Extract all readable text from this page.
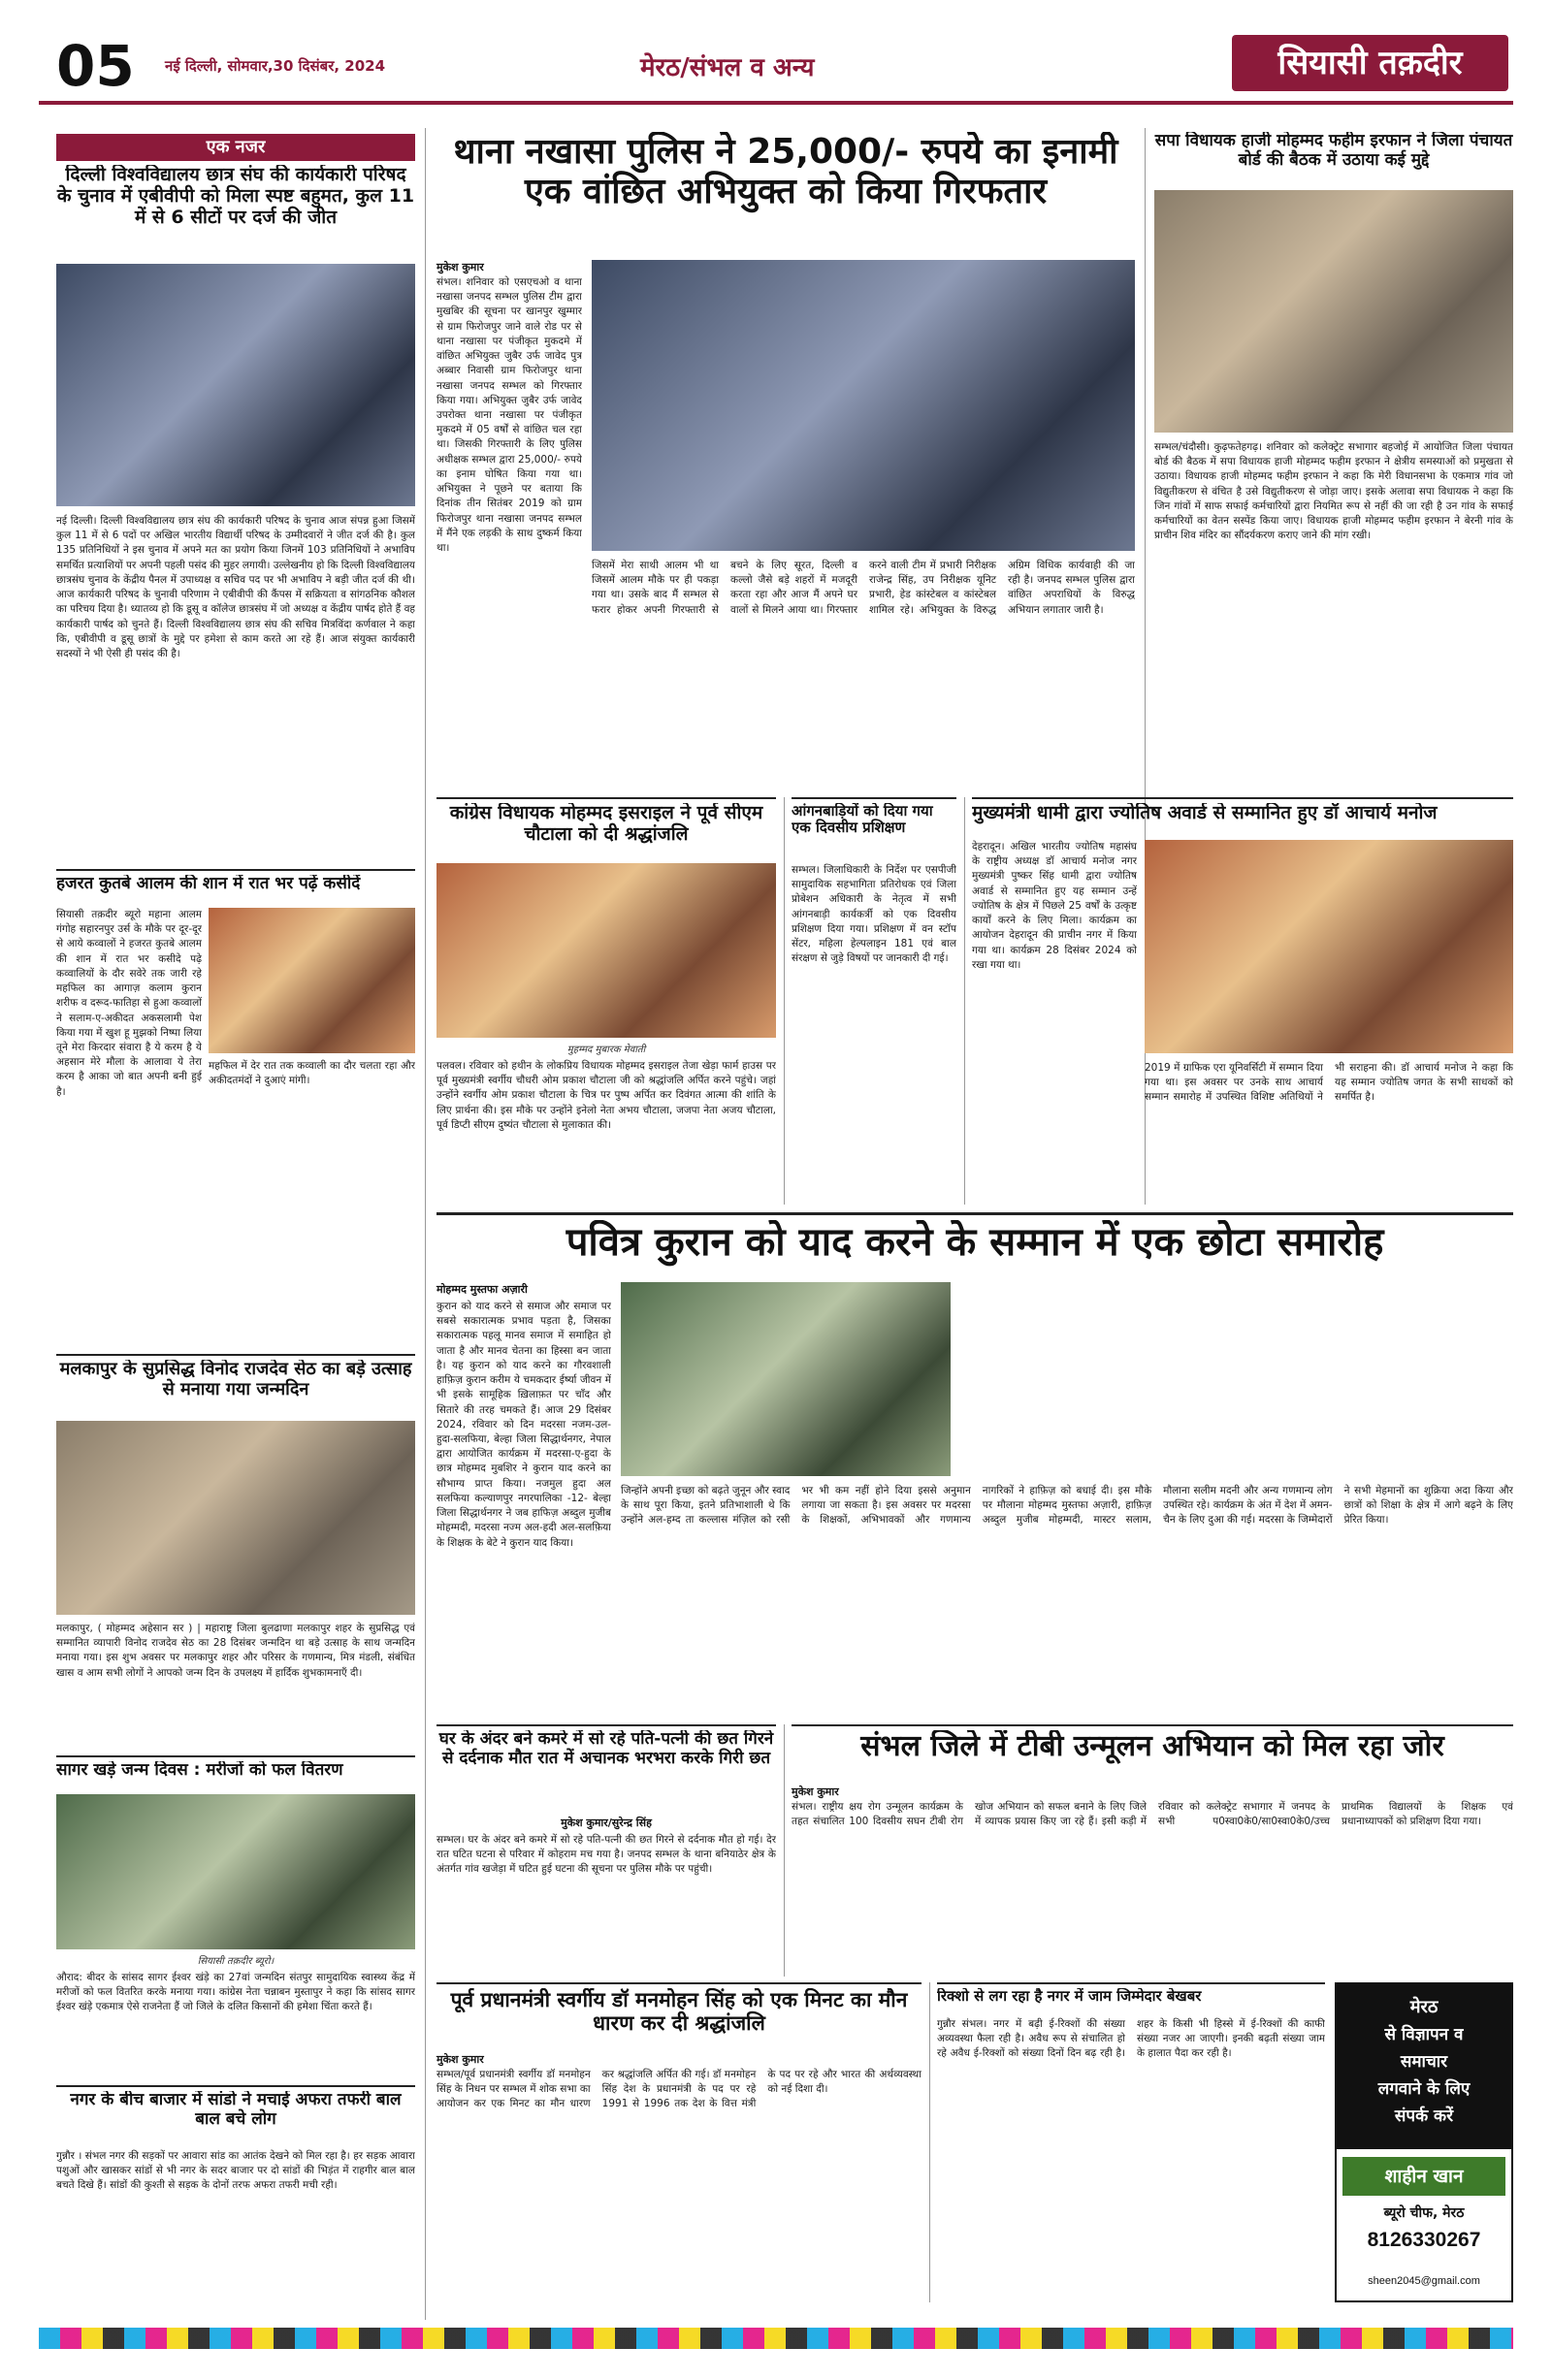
05 नई दिल्ली, सोमवार,30 दिसंबर, 2024	मेरठ/संभल व अन्य	सियासी तक़दीर
एक नजर
दिल्ली विश्वविद्यालय छात्र संघ की कार्यकारी परिषद के चुनाव में एबीवीपी को मिला स्पष्ट बहुमत, कुल 11 में से 6 सीटों पर दर्ज की जीत
नई दिल्ली। दिल्ली विश्वविद्यालय छात्र संघ की कार्यकारी परिषद के चुनाव आज संपन्न हुआ जिसमें कुल 11 में से 6 पदों पर अखिल भारतीय विद्यार्थी परिषद के उम्मीदवारों ने जीत दर्ज की है। कुल 135 प्रतिनिधियों ने इस चुनाव में अपने मत का प्रयोग किया जिनमें 103 प्रतिनिधियों ने अभाविप समर्थित प्रत्याशियों पर अपनी पहली पसंद की मुहर लगायी। उल्लेखनीय हो कि दिल्ली विश्वविद्यालय छात्रसंघ चुनाव के केंद्रीय पैनल में उपाध्यक्ष व सचिव पद पर भी अभाविप ने बड़ी जीत दर्ज की थी। आज कार्यकारी परिषद के चुनावी परिणाम ने एबीवीपी की कैंपस में सक्रियता व सांगठनिक कौशल का परिचय दिया है। ध्यातव्य हो कि डूसू व कॉलेज छात्रसंघ में जो अध्यक्ष व केंद्रीय पार्षद होते हैं वह कार्यकारी पार्षद को चुनते हैं। दिल्ली विश्वविद्यालय छात्र संघ की सचिव मित्रविंदा कर्णवाल ने कहा कि, एबीवीपी व डूसू छात्रों के मुद्दे पर हमेशा से काम करते आ रहे हैं। आज संयुक्त कार्यकारी सदस्यों ने भी ऐसी ही पसंद की है।
हजरत कुतबे आलम की शान में रात भर पढ़ें कसीदें
सियासी तक़दीर ब्यूरो महाना आलम गंगोह सहारनपुर उर्स के मौके पर दूर-दूर से आये कव्वालों ने हजरत कुतबे आलम की शान में रात भर कसीदे पढ़े कव्वालियों के दौर सवेरे तक जारी रहे महफिल का आगाज़ कलाम कुरान शरीफ व दरूद-फातिहा से हुआ कव्वालों ने सलाम-ए-अकीदत अकसलामी पेश किया गया में खुश हू मुझको निष्पा लिया तूने मेरा किरदार संवारा है ये करम है ये अहसान मेरे मौला के आलावा ये तेरा करम है आका जो बात अपनी बनी हुई है।
महफिल में देर रात तक कव्वाली का दौर चलता रहा और अकीदतमंदों ने दुआएं मांगी।
मलकापुर के सुप्रसिद्ध विनोद राजदेव सेठ का बड़े उत्साह से मनाया गया जन्मदिन
मलकापुर, ( मोहम्मद अहेसान सर ) | महाराष्ट्र जिला बुलढाणा मलकापुर शहर के सुप्रसिद्ध एवं सम्मानित व्यापारी विनोद राजदेव सेठ का 28 दिसंबर जन्मदिन था बड़े उत्साह के साथ जन्मदिन मनाया गया। इस शुभ अवसर पर मलकापुर शहर और परिसर के गणमान्य, मित्र मंडली, संबंधित खास व आम सभी लोगों ने आपको जन्म दिन के उपलक्ष्य में हार्दिक शुभकामनाएँ दी।
सागर खड़े जन्म दिवस : मरीजों को फल वितरण
सियासी तक़दीर ब्यूरो।
औराद: बीदर के सांसद सागर ईश्वर खंड़े का 27वां जन्मदिन संतपुर सामुदायिक स्वास्थ्य केंद्र में मरीजों को फल वितरित करके मनाया गया। कांग्रेस नेता चन्नाबन मुस्तापुर ने कहा कि सांसद सागर ईश्वर खंड़े एकमात्र ऐसे राजनेता हैं जो जिले के दलित किसानों की हमेशा चिंता करते हैं।
नगर के बीच बाजार में सांडो ने मचाई अफरा तफरी बाल बाल बचे लोग
गुन्नौर । संभल नगर की सड़कों पर आवारा सांड का आतंक देखने को मिल रहा है। हर सड़क आवारा पशुओं और खासकर सांडों से भी नगर के सदर बाजार पर दो सांडों की भिड़ंत में राहगीर बाल बाल बचते दिखे हैं। सांडों की कुश्ती से सड़क के दोनों तरफ अफरा तफरी मची रही।
थाना नखासा पुलिस ने 25,000/- रुपये का इनामी एक वांछित अभियुक्त को किया गिरफतार
मुकेश कुमार
संभल। शनिवार को एसएचओ व थाना नखासा जनपद सम्भल पुलिस टीम द्वारा मुखबिर की सूचना पर खानपुर खुम्मार से ग्राम फिरोजपुर जाने वाले रोड पर से थाना नखासा पर पंजीकृत मुकदमे में वांछित अभियुक्त जुबैर उर्फ जावेद पुत्र अब्बार निवासी ग्राम फिरोजपुर थाना नखासा जनपद सम्भल को गिरफ्तार किया गया। अभियुक्त जुबैर उर्फ जावेद उपरोक्त थाना नखासा पर पंजीकृत मुकदमे में 05 वर्षों से वांछित चल रहा था। जिसकी गिरफ्तारी के लिए पुलिस अधीक्षक सम्भल द्वारा 25,000/- रुपये का इनाम घोषित किया गया था। अभियुक्त ने पूछने पर बताया कि दिनांक तीन सितंबर 2019 को ग्राम फिरोजपुर थाना नखासा जनपद सम्भल में मैंने एक लड़की के साथ दुष्कर्म किया था।
जिसमें मेरा साथी आलम भी था जिसमें आलम मौके पर ही पकड़ा गया था। उसके बाद मैं सम्भल से फरार होकर अपनी गिरफ्तारी से बचने के लिए सूरत, दिल्ली व कल्लो जैसे बड़े शहरों में मजदूरी करता रहा और आज मैं अपने घर वालों से मिलने आया था। गिरफ्तार करने वाली टीम में प्रभारी निरीक्षक राजेन्द्र सिंह, उप निरीक्षक यूनिट प्रभारी, हेड कांस्टेबल व कांस्टेबल शामिल रहे। अभियुक्त के विरुद्ध अग्रिम विधिक कार्यवाही की जा रही है। जनपद सम्भल पुलिस द्वारा वांछित अपराधियों के विरुद्ध अभियान लगातार जारी है।
सपा विधायक हाजी मोहम्मद फहीम इरफान ने जिला पंचायत बोर्ड की बैठक में उठाया कई मुद्दे
सम्भल/चंदौसी। कुढ़फतेहगढ़। शनिवार को कलेक्ट्रेट सभागार बहजोई में आयोजित जिला पंचायत बोर्ड की बैठक में सपा विधायक हाजी मोहम्मद फहीम इरफान ने क्षेत्रीय समस्याओं को प्रमुखता से उठाया। विधायक हाजी मोहम्मद फहीम इरफान ने कहा कि मेरी विधानसभा के एकमात्र गांव जो विद्युतीकरण से वंचित है उसे विद्युतीकरण से जोड़ा जाए। इसके अलावा सपा विधायक ने कहा कि जिन गांवों में साफ सफाई कर्मचारियों द्वारा नियमित रूप से नहीं की जा रही है उन गांव के सफाई कर्मचारियों का वेतन सस्पेंड किया जाए। विधायक हाजी मोहम्मद फहीम इरफान ने बेरनी गांव के प्राचीन शिव मंदिर का सौंदर्यकरण कराए जाने की मांग रखी।
कांग्रेस विधायक मोहम्मद इसराइल ने पूर्व सीएम चौटाला को दी श्रद्धांजलि
मुहम्मद मुबारक मेवाती
पलवल। रविवार को हथीन के लोकप्रिय विधायक मोहम्मद इसराइल तेजा खेड़ा फार्म हाउस पर पूर्व मुख्यमंत्री स्वर्गीय चौधरी ओम प्रकाश चौटाला जी को श्रद्धांजलि अर्पित करने पहुंचे। जहां उन्होंने स्वर्गीय ओम प्रकाश चौटाला के चित्र पर पुष्प अर्पित कर दिवंगत आत्मा की शांति के लिए प्रार्थना की। इस मौके पर उन्होंने इनेलो नेता अभय चौटाला, जजपा नेता अजय चौटाला, पूर्व डिप्टी सीएम दुष्यंत चौटाला से मुलाकात की।
आंगनबाड़ियों को दिया गया एक दिवसीय प्रशिक्षण
सम्भल। जिलाधिकारी के निर्देश पर एसपीजी सामुदायिक सहभागिता प्रतिरोधक एवं जिला प्रोबेशन अधिकारी के नेतृत्व में सभी आंगनबाड़ी कार्यकर्त्री को एक दिवसीय प्रशिक्षण दिया गया। प्रशिक्षण में वन स्टॉप सेंटर, महिला हेल्पलाइन 181 एवं बाल संरक्षण से जुड़े विषयों पर जानकारी दी गई।
मुख्यमंत्री धामी द्वारा ज्योतिष अवार्ड से सम्मानित हुए डॉ आचार्य मनोज
देहरादून। अखिल भारतीय ज्योतिष महासंघ के राष्ट्रीय अध्यक्ष डॉ आचार्य मनोज नगर मुख्यमंत्री पुष्कर सिंह धामी द्वारा ज्योतिष अवार्ड से सम्मानित हुए यह सम्मान उन्हें ज्योतिष के क्षेत्र में पिछले 25 वर्षों के उत्कृष्ट कार्यों करने के लिए मिला। कार्यक्रम का आयोजन देहरादून की प्राचीन नगर में किया गया था। कार्यक्रम 28 दिसंबर 2024 को रखा गया था।
2019 में ग्राफिक एरा यूनिवर्सिटी में सम्मान दिया गया था। इस अवसर पर उनके साथ आचार्य सम्मान समारोह में उपस्थित विशिष्ट अतिथियों ने भी सराहना की। डॉ आचार्य मनोज ने कहा कि यह सम्मान ज्योतिष जगत के सभी साधकों को समर्पित है।
पवित्र कुरान को याद करने के सम्मान में एक छोटा समारोह
मोहम्मद मुस्तफा अज़ारी
कुरान को याद करने से समाज और समाज पर सबसे सकारात्मक प्रभाव पड़ता है, जिसका सकारात्मक पहलू मानव समाज में समाहित हो जाता है और मानव चेतना का हिस्सा बन जाता है। यह कुरान को याद करने का गौरवशाली हाफ़िज़ कुरान करीम ये चमकदार ईर्ष्या जीवन में भी इसके सामूहिक ख़िलाफ़त पर चाँद और सितारे की तरह चमकते हैं। आज 29 दिसंबर 2024, रविवार को दिन मदरसा नजम-उल-हुदा-सलफिया, बेल्हा जिला सिद्धार्थनगर, नेपाल द्वारा आयोजित कार्यक्रम में मदरसा-ए-हुदा के छात्र मोहम्मद मुबशिर ने कुरान याद करने का सौभाग्य प्राप्त किया। नजमुल हुदा अल सलफिया कल्याणपुर नगरपालिका -12- बेल्हा जिला सिद्धार्थनगर ने जब हाफिज़ अब्दुल मुजीब मोहम्मदी, मदरसा नज्म अल-हदी अल-सलफ़िया के शिक्षक के बेटे ने कुरान याद किया।
जिन्होंने अपनी इच्छा को बढ़ते जुनून और स्वाद के साथ पूरा किया, इतने प्रतिभाशाली थे कि उन्होंने अल-हम्द ता कल्लास मंज़िल को रसी भर भी कम नहीं होने दिया इससे अनुमान लगाया जा सकता है। इस अवसर पर मदरसा के शिक्षकों, अभिभावकों और गणमान्य नागरिकों ने हाफ़िज़ को बधाई दी। इस मौके पर मौलाना मोहम्मद मुस्तफा अज़ारी, हाफ़िज़ अब्दुल मुजीब मोहम्मदी, मास्टर सलाम, मौलाना सलीम मदनी और अन्य गणमान्य लोग उपस्थित रहे। कार्यक्रम के अंत में देश में अमन-चैन के लिए दुआ की गई। मदरसा के जिम्मेदारों ने सभी मेहमानों का शुक्रिया अदा किया और छात्रों को शिक्षा के क्षेत्र में आगे बढ़ने के लिए प्रेरित किया।
घर के अंदर बने कमरे में सो रहे पति-पत्नी की छत गिरने से दर्दनाक मौत रात में अचानक भरभरा करके गिरी छत
मुकेश कुमार/सुरेन्द्र सिंह
सम्भल। घर के अंदर बने कमरे में सो रहे पति-पत्नी की छत गिरने से दर्दनाक मौत हो गई। देर रात घटित घटना से परिवार में कोहराम मच गया है। जनपद सम्भल के थाना बनियाठेर क्षेत्र के अंतर्गत गांव खजेड़ा में घटित हुई घटना की सूचना पर पुलिस मौके पर पहुंची।
संभल जिले में टीबी उन्मूलन अभियान को मिल रहा जोर
मुकेश कुमार
संभल। राष्ट्रीय क्षय रोग उन्मूलन कार्यक्रम के तहत संचालित 100 दिवसीय सघन टीबी रोग खोज अभियान को सफल बनाने के लिए जिले में व्यापक प्रयास किए जा रहे हैं। इसी कड़ी में रविवार को कलेक्ट्रेट सभागार में जनपद के सभी प0स्वा0के0/सा0स्वा0के0/उच्च प्राथमिक विद्यालयों के शिक्षक एवं प्रधानाध्यापकों को प्रशिक्षण दिया गया।
पूर्व प्रधानमंत्री स्वर्गीय डॉ मनमोहन सिंह को एक मिनट का मौन धारण कर दी श्रद्धांजलि
मुकेश कुमार
सम्भल/पूर्व प्रधानमंत्री स्वर्गीय डॉ मनमोहन सिंह के निधन पर सम्भल में शोक सभा का आयोजन कर एक मिनट का मौन धारण कर श्रद्धांजलि अर्पित की गई। डॉ मनमोहन सिंह देश के प्रधानमंत्री के पद पर रहे 1991 से 1996 तक देश के वित्त मंत्री के पद पर रहे और भारत की अर्थव्यवस्था को नई दिशा दी।
रिक्शो से लग रहा है नगर में जाम जिम्मेदार बेखबर
गुन्नौर संभल। नगर में बढ़ी ई-रिक्शों की संख्या अव्यवस्था फैला रही है। अवैध रूप से संचालित हो रहे अवैध ई-रिक्शों को संख्या दिनों दिन बढ़ रही है। शहर के किसी भी हिस्से में ई-रिक्शों की काफी संख्या नजर आ जाएगी। इनकी बढ़ती संख्या जाम के हालात पैदा कर रही है।
मेरठ
से विज्ञापन व
समाचार
लगवाने के लिए
संपर्क करें
शाहीन खान
ब्यूरो चीफ, मेरठ
8126330267
sheen2045@gmail.com
